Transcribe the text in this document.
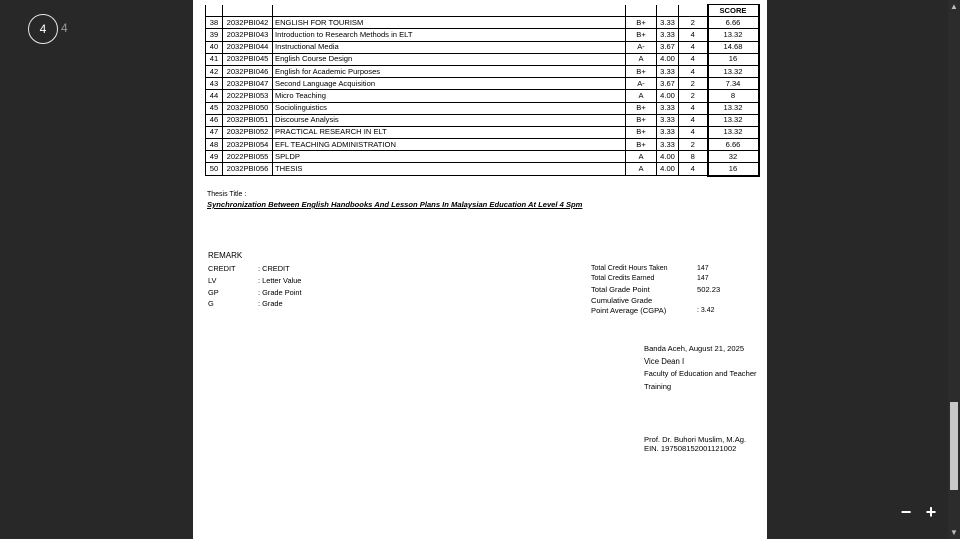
4	4
						SCORE
38	2032PBI042	ENGLISH FOR TOURISM	B+	3.33	2	6.66
39	2032PBI043	Introduction to Research Methods in ELT	B+	3.33	4	13.32
40	2032PBI044	Instructional Media	A-	3.67	4	14.68
41	2032PBI045	English Course Design	A	4.00	4	16
42	2032PBI046	English for Academic Purposes	B+	3.33	4	13.32
43	2032PBI047	Second Language Acquisition	A-	3.67	2	7.34
44	2022PBI053	Micro Teaching	A	4.00	2	8
45	2032PBI050	Sociolinguistics	B+	3.33	4	13.32
46	2032PBI051	Discourse Analysis	B+	3.33	4	13.32
47	2032PBI052	PRACTICAL RESEARCH IN ELT	B+	3.33	4	13.32
48	2032PBI054	EFL TEACHING ADMINISTRATION	B+	3.33	2	6.66
49	2022PBI055	SPLDP	A	4.00	8	32
50	2032PBI056	THESIS	A	4.00	4	16
Thesis Title :
Synchronization Between English Handbooks And Lesson Plans In Malaysian Education At Level 4 Spm
REMARK
CREDIT	: CREDIT
LV	: Letter Value
GP	: Grade Point
G	: Grade
Total Credit Hours Taken	147
Total Credits Earned	147
Total Grade Point	502.23
Cumulative Grade
Point Average (CGPA)	: 3.42
Banda Aceh, August 21, 2025
Vice Dean I
Faculty of Education and Teacher Training
Prof. Dr. Buhori Muslim, M.Ag.
EIN. 197508152001121002
▲
▼
− +
